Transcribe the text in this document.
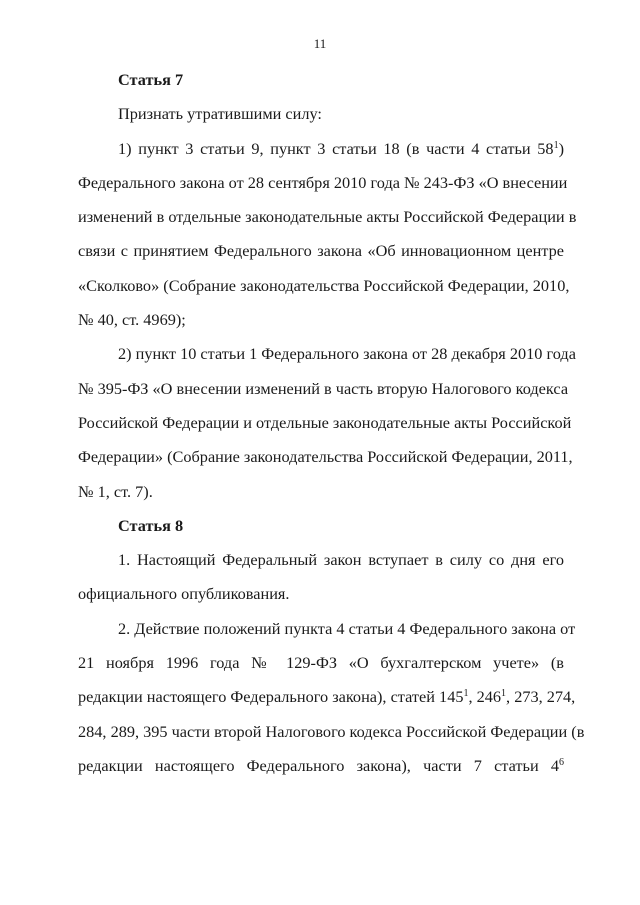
11
Статья 7
Признать утратившими силу:
1) пункт 3 статьи 9, пункт 3 статьи 18 (в части 4 статьи $58^1$)
Федерального закона от 28 сентября 2010 года № 243-ФЗ «О внесении
изменений в отдельные законодательные акты Российской Федерации в
связи с принятием Федерального закона «Об инновационном центре
«Сколково» (Собрание законодательства Российской Федерации, 2010,
№ 40, ст. 4969);
2) пункт 10 статьи 1 Федерального закона от 28 декабря 2010 года
№ 395-ФЗ «О внесении изменений в часть вторую Налогового кодекса
Российской Федерации и отдельные законодательные акты Российской
Федерации» (Собрание законодательства Российской Федерации, 2011,
№ 1, ст. 7).
Статья 8
1. Настоящий Федеральный закон вступает в силу со дня его
официального опубликования.
2. Действие положений пункта 4 статьи 4 Федерального закона от
21 ноября 1996 года № 129-ФЗ «О бухгалтерском учете» (в
редакции настоящего Федерального закона), статей $145^1$, $246^1$, 273, 274,
284, 289, 395 части второй Налогового кодекса Российской Федерации (в
редакции настоящего Федерального закона), части 7 статьи $4^6$
